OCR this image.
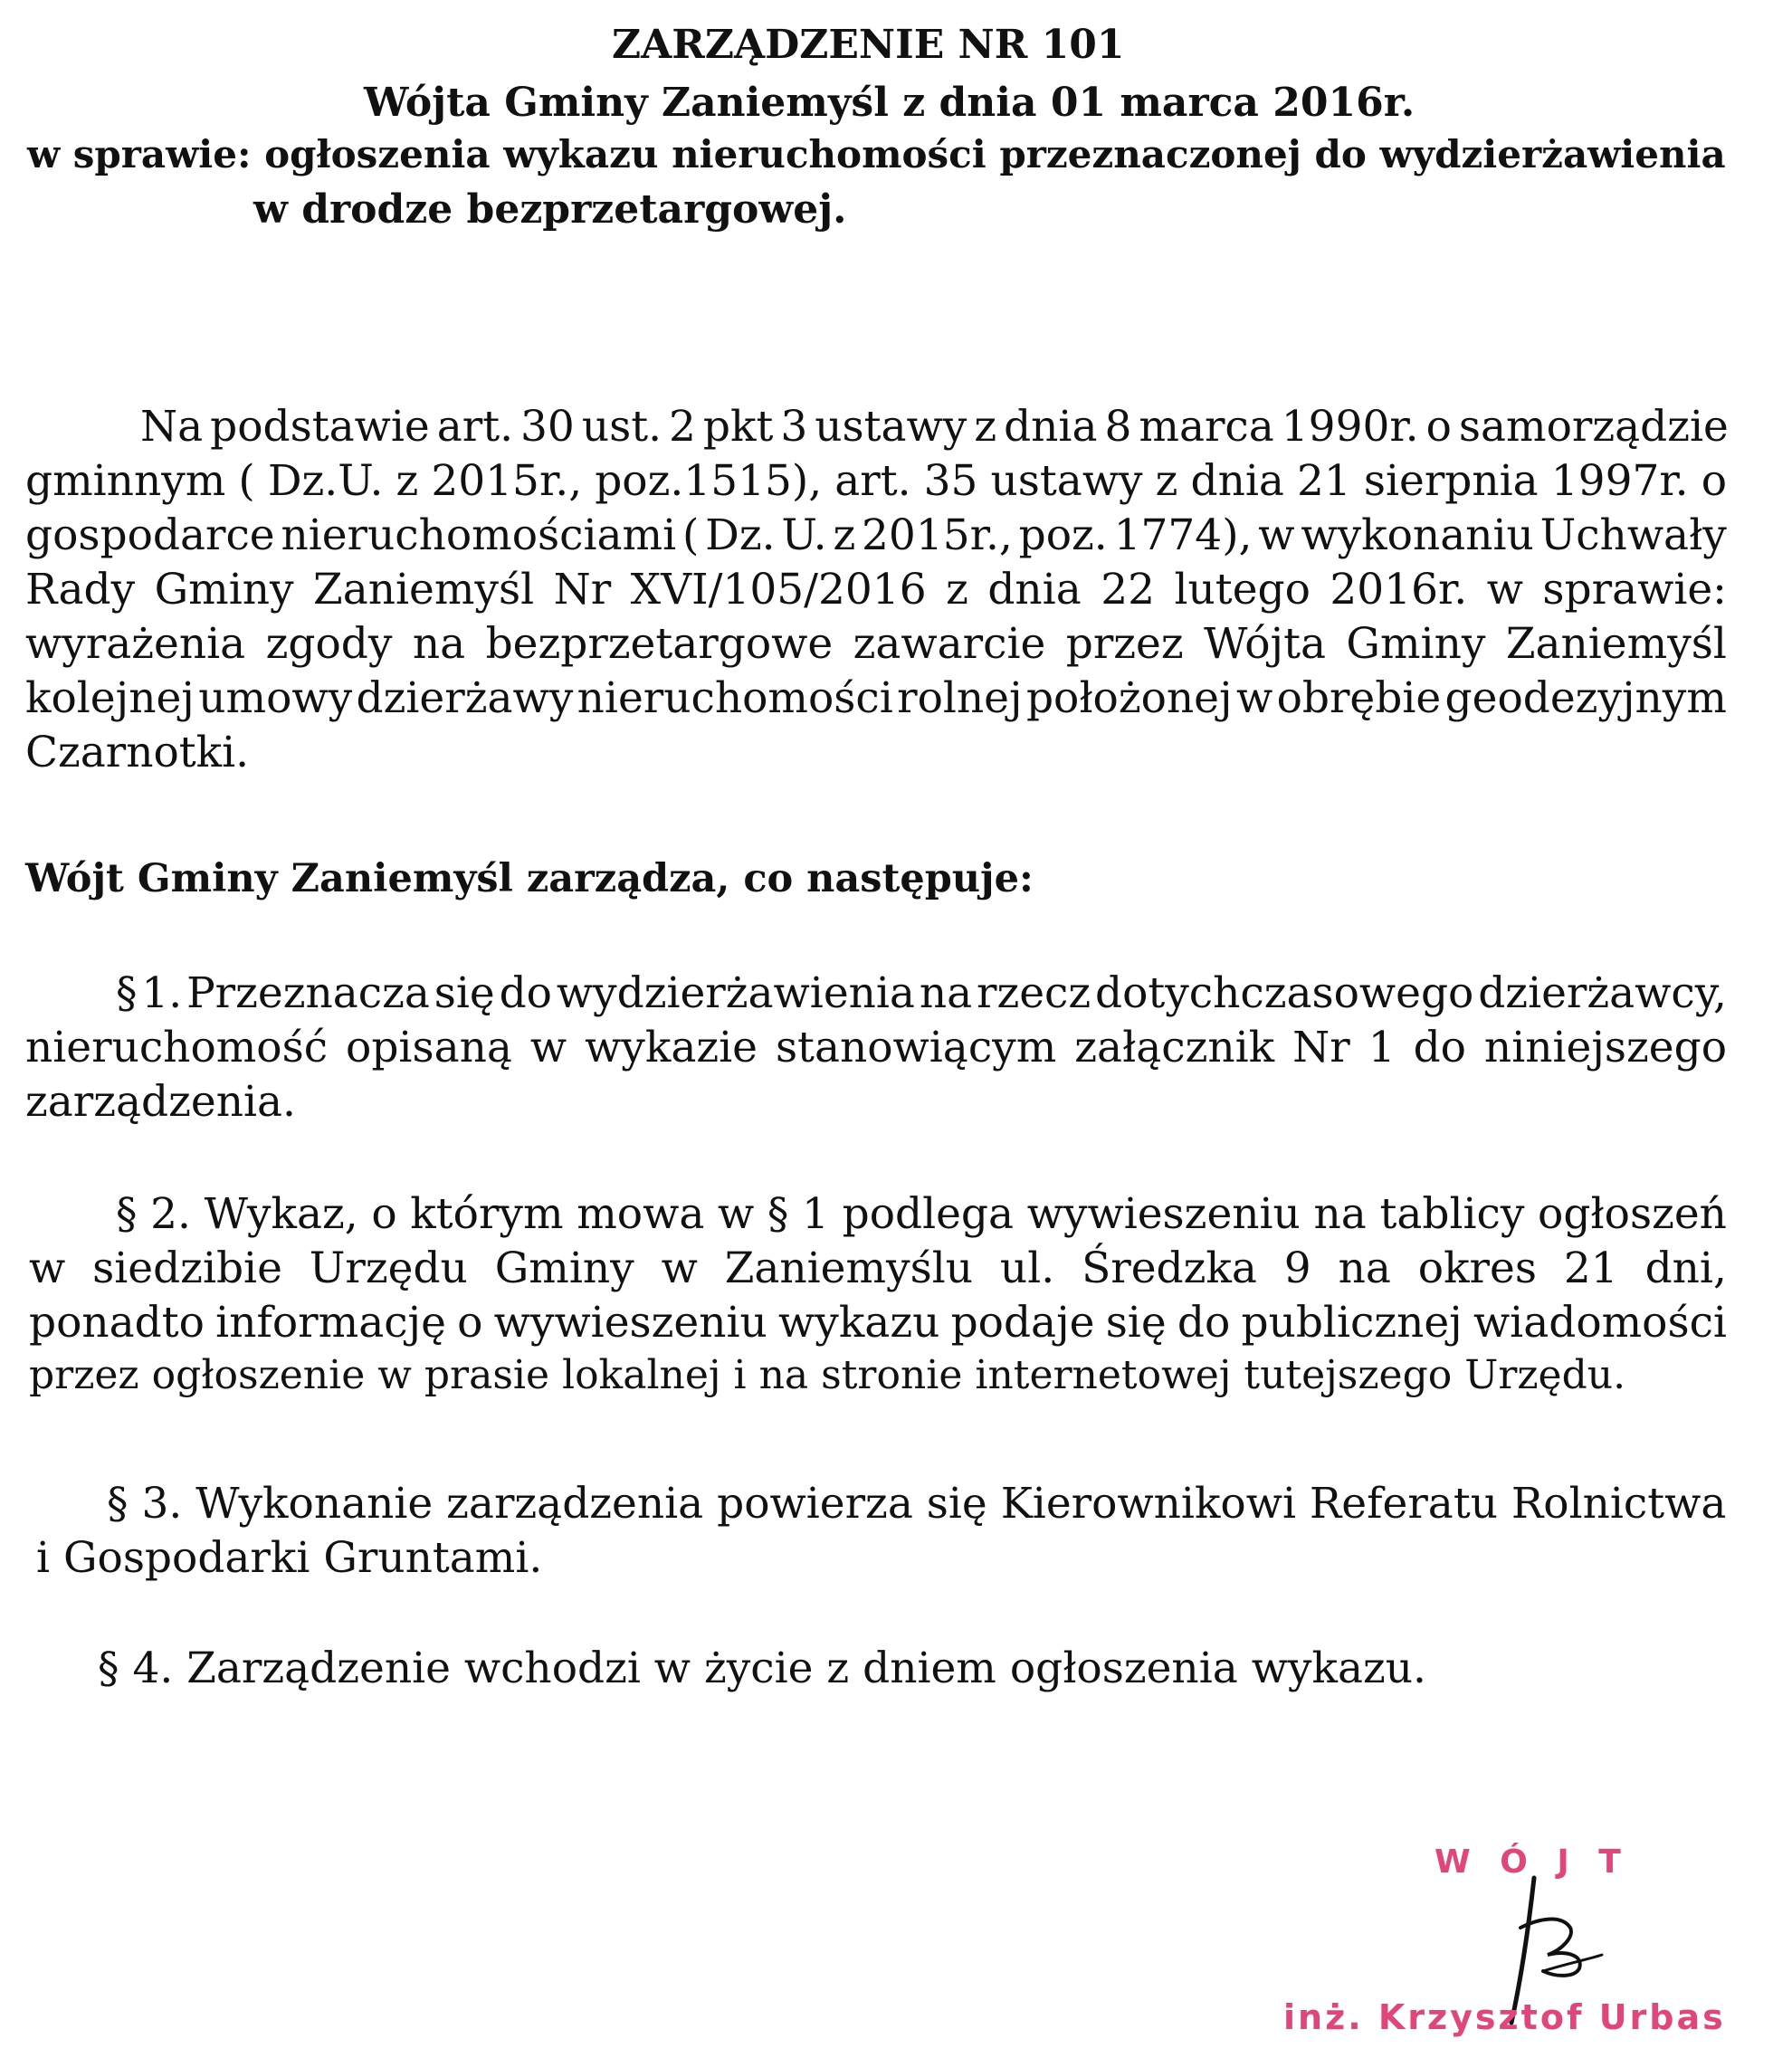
ZARZĄDZENIE NR 101
Wójta Gminy Zaniemyśl z dnia 01 marca 2016r.
w sprawie: ogłoszenia wykazu nieruchomości przeznaczonej do wydzierżawienia
w drodze bezprzetargowej.
Na podstawie art. 30 ust. 2 pkt 3 ustawy z dnia 8 marca 1990r. o samorządzie
gminnym ( Dz.U. z 2015r., poz.1515), art. 35 ustawy z dnia 21 sierpnia 1997r. o
gospodarce nieruchomościami ( Dz. U. z 2015r., poz. 1774), w wykonaniu Uchwały
Rady Gminy Zaniemyśl Nr XVI/105/2016 z dnia 22 lutego 2016r. w sprawie:
wyrażenia zgody na bezprzetargowe zawarcie przez Wójta Gminy Zaniemyśl
kolejnej umowy dzierżawy nieruchomości rolnej położonej w obrębie geodezyjnym
Czarnotki.
Wójt Gminy Zaniemyśl zarządza, co następuje:
§ 1. Przeznacza się do wydzierżawienia na rzecz dotychczasowego dzierżawcy,
nieruchomość opisaną w wykazie stanowiącym załącznik Nr 1 do niniejszego
zarządzenia.
§ 2. Wykaz, o którym mowa w § 1 podlega wywieszeniu na tablicy ogłoszeń
w siedzibie Urzędu Gminy w Zaniemyślu ul. Średzka 9 na okres 21 dni,
ponadto informację o wywieszeniu wykazu podaje się do publicznej wiadomości
przez ogłoszenie w prasie lokalnej i na stronie internetowej tutejszego Urzędu.
§ 3. Wykonanie zarządzenia powierza się Kierownikowi Referatu Rolnictwa
i Gospodarki Gruntami.
§ 4. Zarządzenie wchodzi w życie z dniem ogłoszenia wykazu.
W Ó J T
inż. Krzysztof Urbas
